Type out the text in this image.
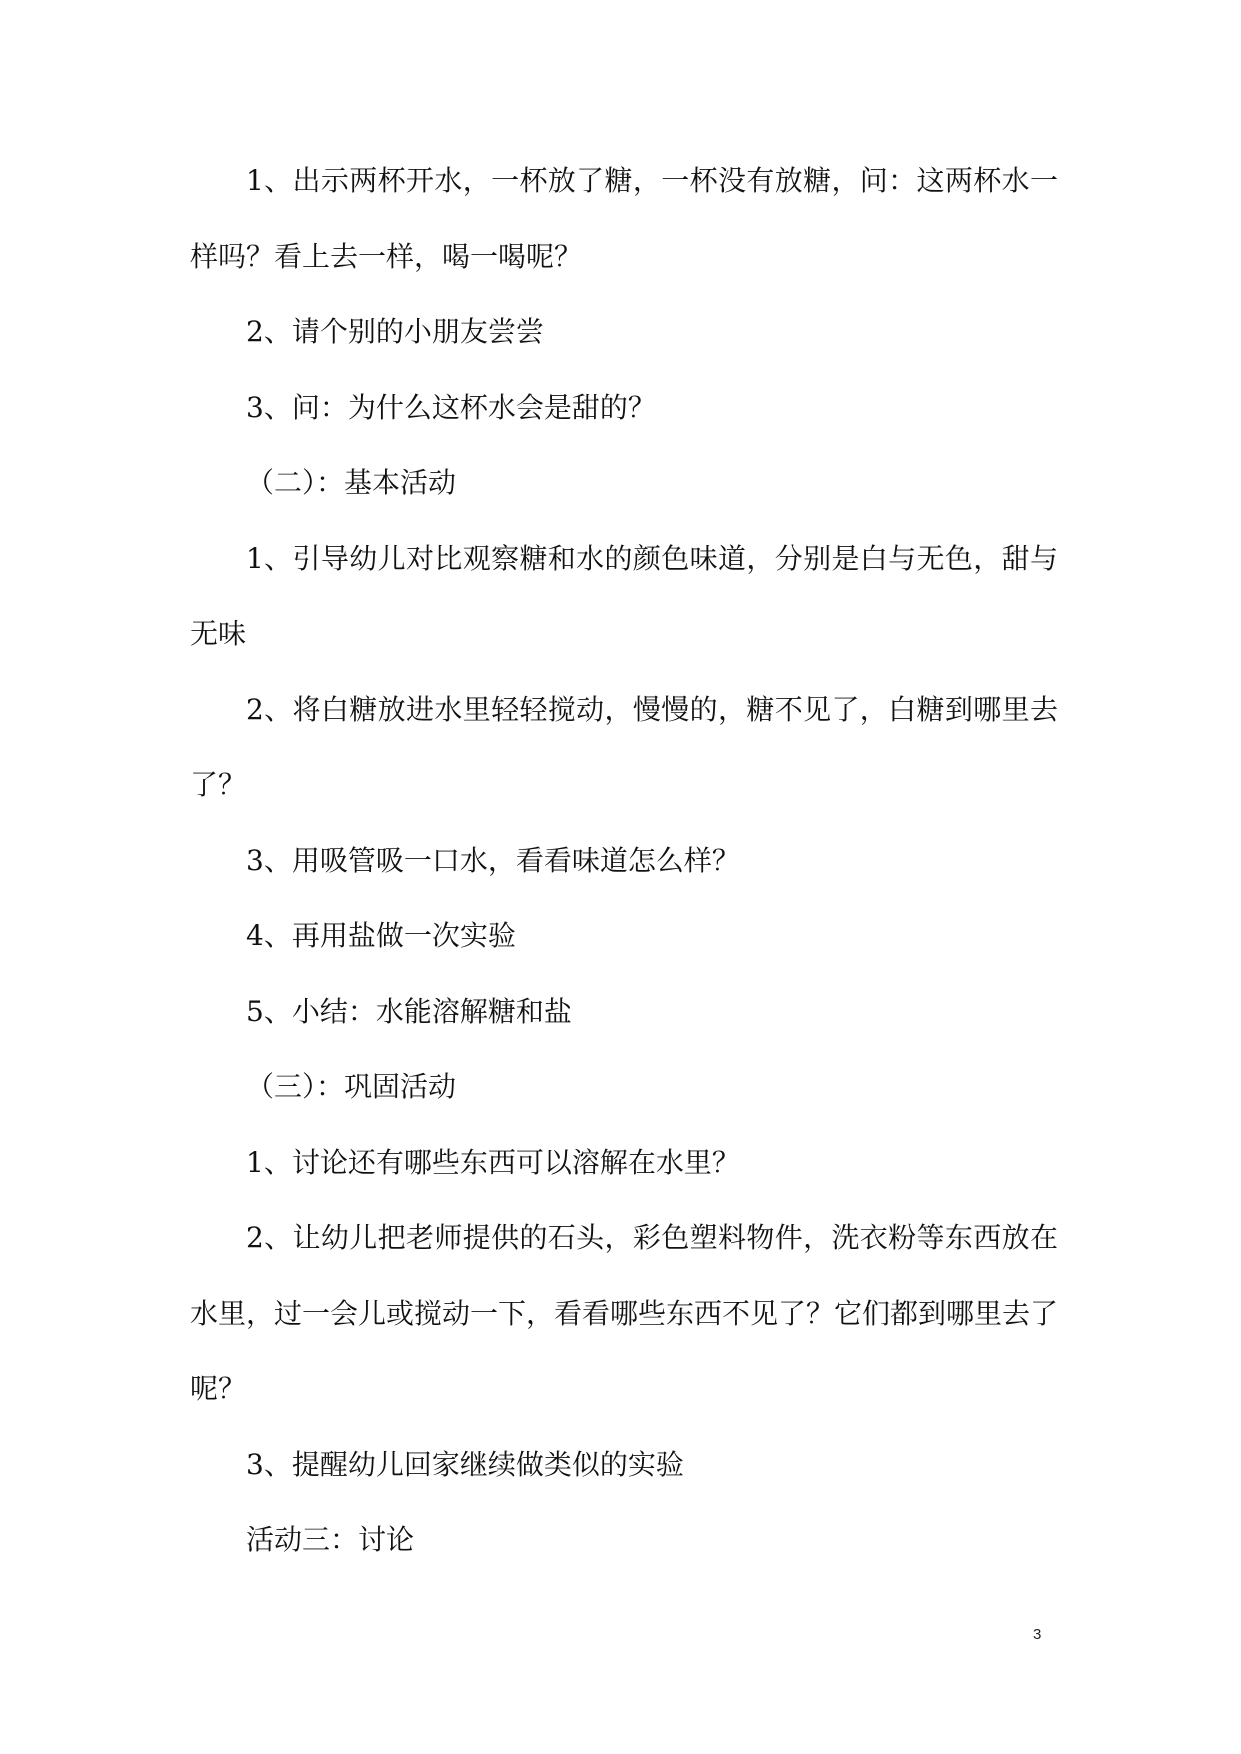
1、出示两杯开水，一杯放了糖，一杯没有放糖，问：这两杯水一样吗？看上去一样，喝一喝呢？

2、请个别的小朋友尝尝

3、问：为什么这杯水会是甜的？

（二）：基本活动

1、引导幼儿对比观察糖和水的颜色味道，分别是白与无色，甜与无味

2、将白糖放进水里轻轻搅动，慢慢的，糖不见了，白糖到哪里去了？

3、用吸管吸一口水，看看味道怎么样？

4、再用盐做一次实验

5、小结：水能溶解糖和盐

（三）：巩固活动

1、讨论还有哪些东西可以溶解在水里？

2、让幼儿把老师提供的石头，彩色塑料物件，洗衣粉等东西放在水里，过一会儿或搅动一下，看看哪些东西不见了？它们都到哪里去了呢？

3、提醒幼儿回家继续做类似的实验

活动三：讨论

3
